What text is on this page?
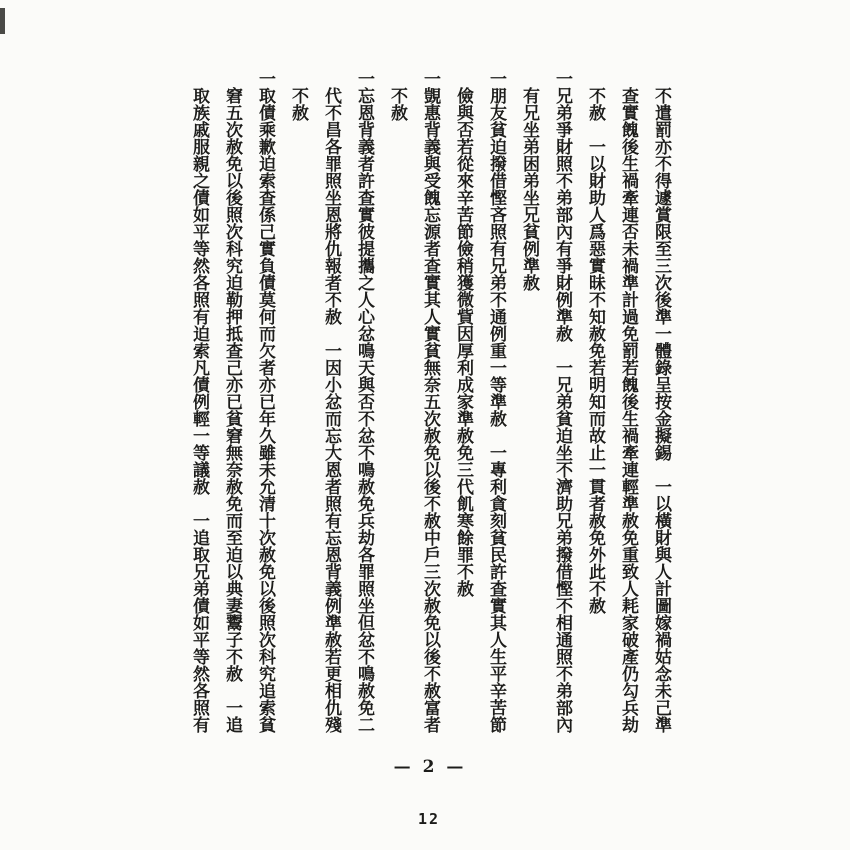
　不遣罰亦不得遽賞限至三次後準一體錄呈按金擬錫　一以橫財與人計圖嫁禍姑念未己準
　查實餽後生禍牽連否未禍準計過免罰若餽後生禍牽連輕準赦免重致人耗家破產仍勾兵劫
　不赦　一以財助人爲惡實昧不知赦免若明知而故止一貫者赦免外此不赦
一兄弟爭財照不弟部內有爭財例準赦　一兄弟貧迫坐不濟助兄弟撥借慳不相通照不弟部內
　有兄坐弟困弟坐兄貧例準赦
一朋友貧迫撥借慳吝照有兄弟不通例重一等準赦　一專利貪刻貧民許查實其人生平辛苦節
　儉與否若從來辛苦節儉稍獲微貲因厚利成家準赦免三代飢寒餘罪不赦
一覬惠背義與受餽忘源者查實其人實貧無奈五次赦免以後不赦中戶三次赦免以後不赦富者
　不赦
一忘恩背義者許查實彼提攜之人心忿鳴天與否不忿不鳴赦免兵劫各罪照坐但忿不鳴赦免二
　代不昌各罪照坐恩將仇報者不赦　一因小忿而忘大恩者照有忘恩背義例準赦若更相仇殘
　不赦
一取債乘歉迫索查係己實負債莫何而欠者亦已年久雖未允清十次赦免以後照次科究追索貧
　窘五次赦免以後照次科究迫勒押抵查己亦已貧窘無奈赦免而至迫以典妻鬻子不赦　一追
　取族戚服親之債如平等然各照有迫索凡債例輕一等議赦　一追取兄弟債如平等然各照有
— 2 —
12
